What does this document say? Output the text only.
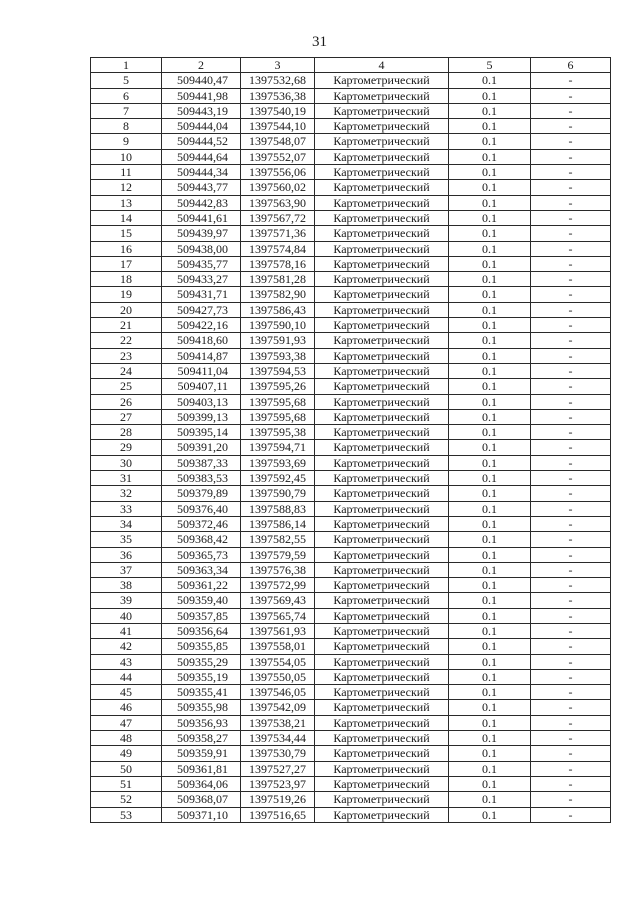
31
1	2	3	4	5	6
5	509440,47	1397532,68	Картометрический	0.1	-
6	509441,98	1397536,38	Картометрический	0.1	-
7	509443,19	1397540,19	Картометрический	0.1	-
8	509444,04	1397544,10	Картометрический	0.1	-
9	509444,52	1397548,07	Картометрический	0.1	-
10	509444,64	1397552,07	Картометрический	0.1	-
11	509444,34	1397556,06	Картометрический	0.1	-
12	509443,77	1397560,02	Картометрический	0.1	-
13	509442,83	1397563,90	Картометрический	0.1	-
14	509441,61	1397567,72	Картометрический	0.1	-
15	509439,97	1397571,36	Картометрический	0.1	-
16	509438,00	1397574,84	Картометрический	0.1	-
17	509435,77	1397578,16	Картометрический	0.1	-
18	509433,27	1397581,28	Картометрический	0.1	-
19	509431,71	1397582,90	Картометрический	0.1	-
20	509427,73	1397586,43	Картометрический	0.1	-
21	509422,16	1397590,10	Картометрический	0.1	-
22	509418,60	1397591,93	Картометрический	0.1	-
23	509414,87	1397593,38	Картометрический	0.1	-
24	509411,04	1397594,53	Картометрический	0.1	-
25	509407,11	1397595,26	Картометрический	0.1	-
26	509403,13	1397595,68	Картометрический	0.1	-
27	509399,13	1397595,68	Картометрический	0.1	-
28	509395,14	1397595,38	Картометрический	0.1	-
29	509391,20	1397594,71	Картометрический	0.1	-
30	509387,33	1397593,69	Картометрический	0.1	-
31	509383,53	1397592,45	Картометрический	0.1	-
32	509379,89	1397590,79	Картометрический	0.1	-
33	509376,40	1397588,83	Картометрический	0.1	-
34	509372,46	1397586,14	Картометрический	0.1	-
35	509368,42	1397582,55	Картометрический	0.1	-
36	509365,73	1397579,59	Картометрический	0.1	-
37	509363,34	1397576,38	Картометрический	0.1	-
38	509361,22	1397572,99	Картометрический	0.1	-
39	509359,40	1397569,43	Картометрический	0.1	-
40	509357,85	1397565,74	Картометрический	0.1	-
41	509356,64	1397561,93	Картометрический	0.1	-
42	509355,85	1397558,01	Картометрический	0.1	-
43	509355,29	1397554,05	Картометрический	0.1	-
44	509355,19	1397550,05	Картометрический	0.1	-
45	509355,41	1397546,05	Картометрический	0.1	-
46	509355,98	1397542,09	Картометрический	0.1	-
47	509356,93	1397538,21	Картометрический	0.1	-
48	509358,27	1397534,44	Картометрический	0.1	-
49	509359,91	1397530,79	Картометрический	0.1	-
50	509361,81	1397527,27	Картометрический	0.1	-
51	509364,06	1397523,97	Картометрический	0.1	-
52	509368,07	1397519,26	Картометрический	0.1	-
53	509371,10	1397516,65	Картометрический	0.1	-
